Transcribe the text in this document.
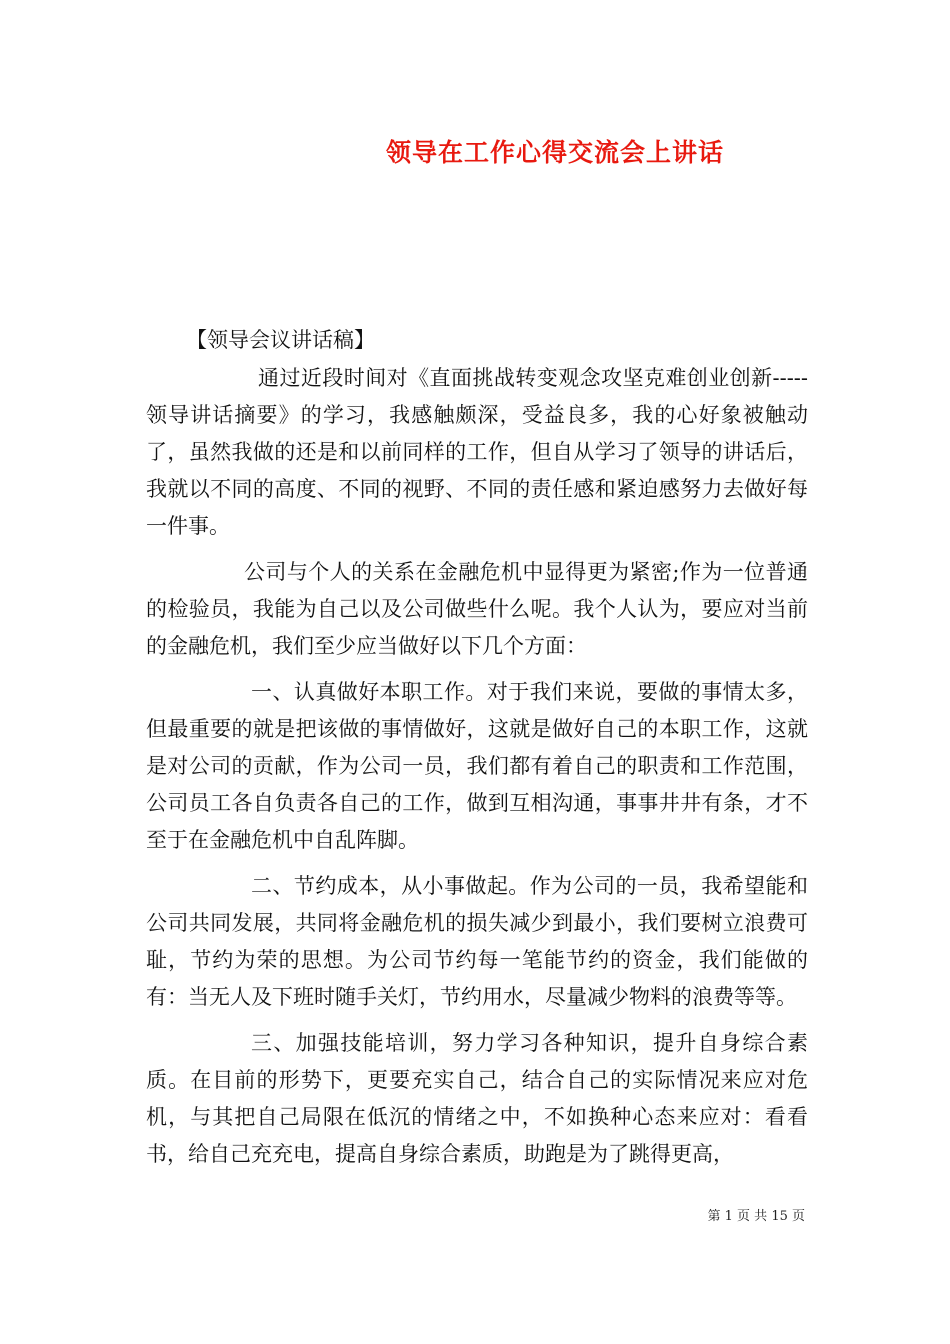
领导在工作心得交流会上讲话

【领导会议讲话稿】

通过近段时间对《直面挑战转变观念攻坚克难创业创新-----领导讲话摘要》的学习，我感触颇深，受益良多，我的心好象被触动了，虽然我做的还是和以前同样的工作，但自从学习了领导的讲话后，我就以不同的高度、不同的视野、不同的责任感和紧迫感努力去做好每一件事。

公司与个人的关系在金融危机中显得更为紧密;作为一位普通的检验员，我能为自己以及公司做些什么呢。我个人认为，要应对当前的金融危机，我们至少应当做好以下几个方面：

一、认真做好本职工作。对于我们来说，要做的事情太多，但最重要的就是把该做的事情做好，这就是做好自己的本职工作，这就是对公司的贡献，作为公司一员，我们都有着自己的职责和工作范围，公司员工各自负责各自己的工作，做到互相沟通，事事井井有条，才不至于在金融危机中自乱阵脚。

二、节约成本，从小事做起。作为公司的一员，我希望能和公司共同发展，共同将金融危机的损失减少到最小，我们要树立浪费可耻，节约为荣的思想。为公司节约每一笔能节约的资金，我们能做的有：当无人及下班时随手关灯，节约用水，尽量减少物料的浪费等等。

三、加强技能培训，努力学习各种知识，提升自身综合素质。在目前的形势下，更要充实自己，结合自己的实际情况来应对危机，与其把自己局限在低沉的情绪之中，不如换种心态来应对：看看书，给自己充充电，提高自身综合素质，助跑是为了跳得更高，

第 1 页 共 15 页
